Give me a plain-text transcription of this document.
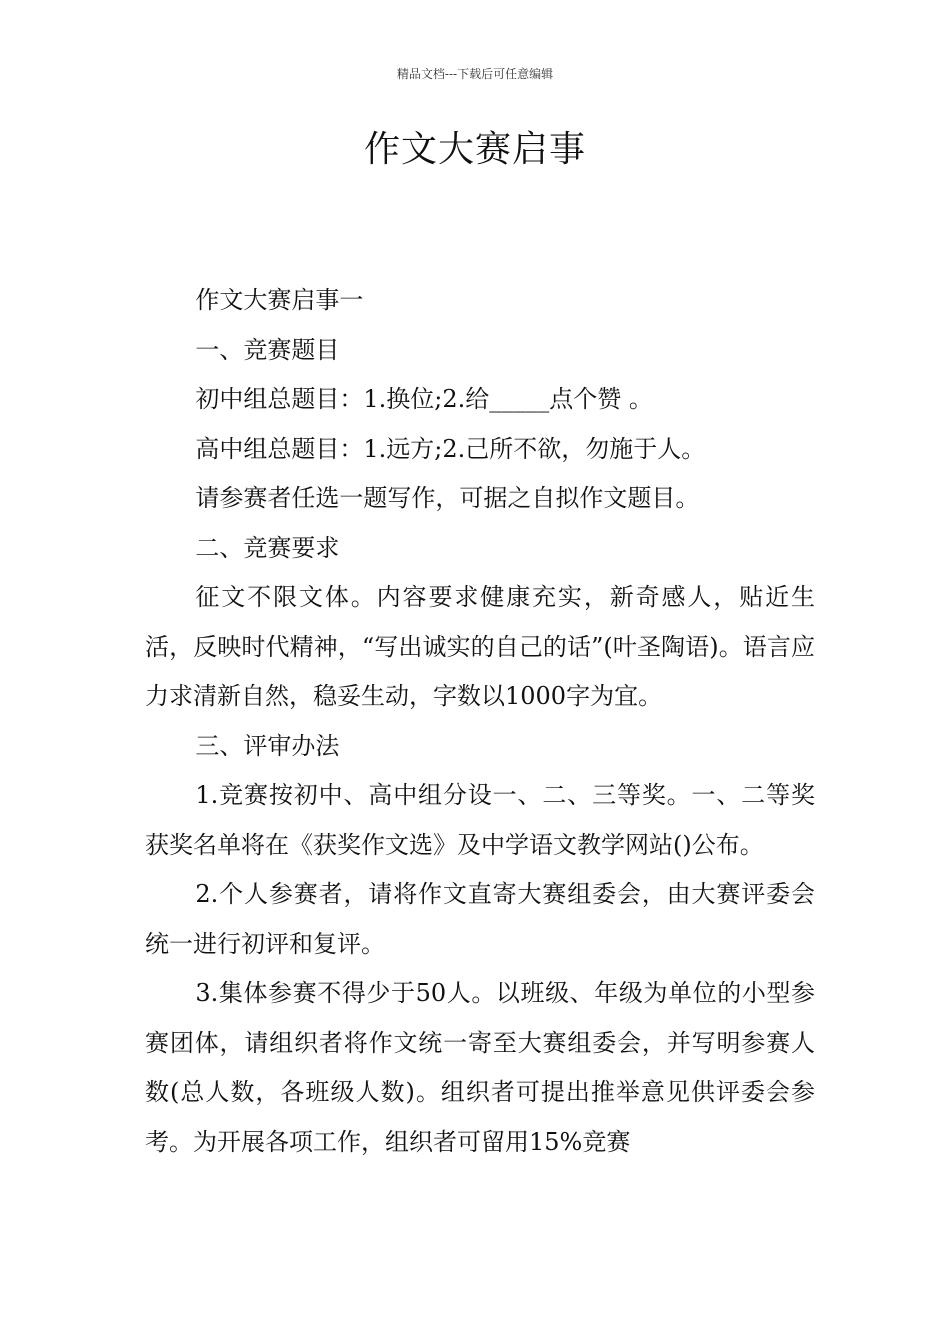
精品文档---下载后可任意编辑
作文大赛启事

作文大赛启事一

一、竞赛题目

初中组总题目：1.换位;2.给_____点个赞 。

高中组总题目：1.远方;2.己所不欲，勿施于人。

请参赛者任选一题写作，可据之自拟作文题目。

二、竞赛要求

征文不限文体。内容要求健康充实，新奇感人，贴近生活，反映时代精神，“写出诚实的自己的话”(叶圣陶语)。语言应力求清新自然，稳妥生动，字数以1000字为宜。

三、评审办法

1.竞赛按初中、高中组分设一、二、三等奖。一、二等奖获奖名单将在《获奖作文选》及中学语文教学网站()公布。

2.个人参赛者，请将作文直寄大赛组委会，由大赛评委会统一进行初评和复评。

3.集体参赛不得少于50人。以班级、年级为单位的小型参赛团体，请组织者将作文统一寄至大赛组委会，并写明参赛人数(总人数，各班级人数)。组织者可提出推举意见供评委会参考。为开展各项工作，组织者可留用15%竞赛
